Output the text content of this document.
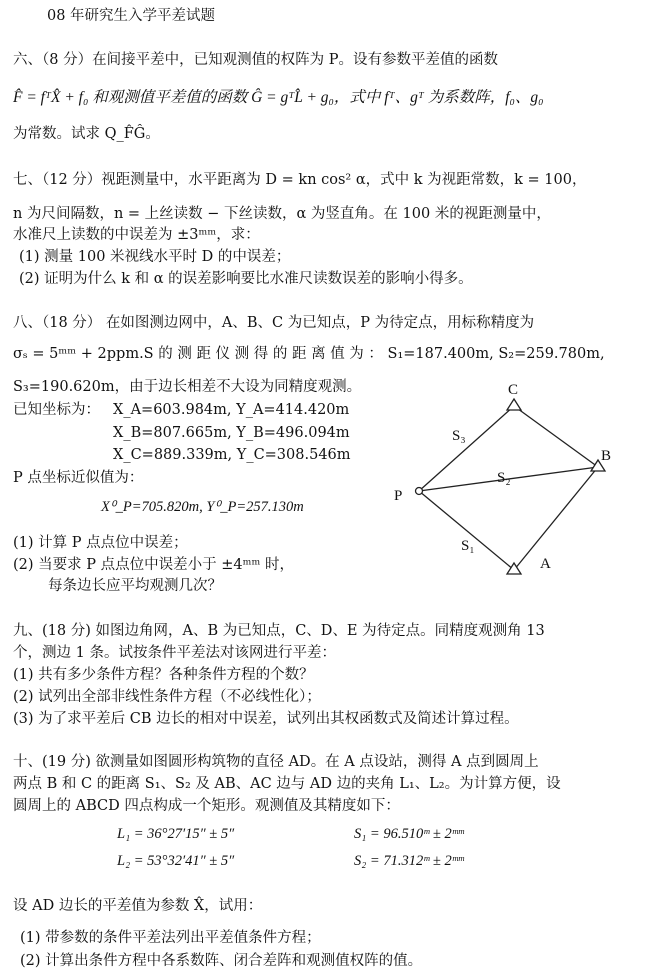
08 年研究生入学平差试题
六、（8 分）在间接平差中，已知观测值的权阵为 P。设有参数平差值的函数
F̂ = fᵀX̂ + f₀ 和观测值平差值的函数 Ĝ = gᵀL̂ + g₀，式中 fᵀ、gᵀ 为系数阵，f₀、g₀
为常数。试求 Q_F̂Ĝ。
七、（12 分）视距测量中，水平距离为 D = kn cos² α，式中 k 为视距常数，k = 100，
n 为尺间隔数，n = 上丝读数 − 下丝读数，α 为竖直角。在 100 米的视距测量中，
水准尺上读数的中误差为 ±3ᵐᵐ，求：
(1) 测量 100 米视线水平时 D 的中误差；
(2) 证明为什么 k 和 α 的误差影响要比水准尺读数误差的影响小得多。
八、（18 分） 在如图测边网中，A、B、C 为已知点，P 为待定点，用标称精度为
σₛ = 5ᵐᵐ + 2ppm.S 的 测 距 仪 测 得 的 距 离 值 为 ： S₁=187.400m, S₂=259.780m,
S₃=190.620m，由于边长相差不大设为同精度观测。
已知坐标为： X_A=603.984m, Y_A=414.420m
X_B=807.665m, Y_B=496.094m
X_C=889.339m, Y_C=308.546m
P 点坐标近似值为：
X⁰_P=705.820m, Y⁰_P=257.130m
(1) 计算 P 点点位中误差；
(2) 当要求 P 点点位中误差小于 ±4ᵐᵐ 时，
每条边长应平均观测几次？
C
B
P
A
S₃
S₂
S₁
九、(18 分) 如图边角网，A、B 为已知点，C、D、E 为待定点。同精度观测角 13
个，测边 1 条。试按条件平差法对该网进行平差：
(1) 共有多少条件方程？各种条件方程的个数？
(2) 试列出全部非线性条件方程（不必线性化）；
(3) 为了求平差后 CB 边长的相对中误差，试列出其权函数式及简述计算过程。
十、(19 分) 欲测量如图圆形构筑物的直径 AD。在 A 点设站，测得 A 点到圆周上
两点 B 和 C 的距离 S₁、S₂ 及 AB、AC 边与 AD 边的夹角 L₁、L₂。为计算方便，设
圆周上的 ABCD 四点构成一个矩形。观测值及其精度如下：
L₁ = 36°27′15″ ± 5″
L₂ = 53°32′41″ ± 5″
S₁ = 96.510ᵐ ± 2ᵐᵐ
S₂ = 71.312ᵐ ± 2ᵐᵐ
设 AD 边长的平差值为参数 X̂，试用：
(1) 带参数的条件平差法列出平差值条件方程；
(2) 计算出条件方程中各系数阵、闭合差阵和观测值权阵的值。
